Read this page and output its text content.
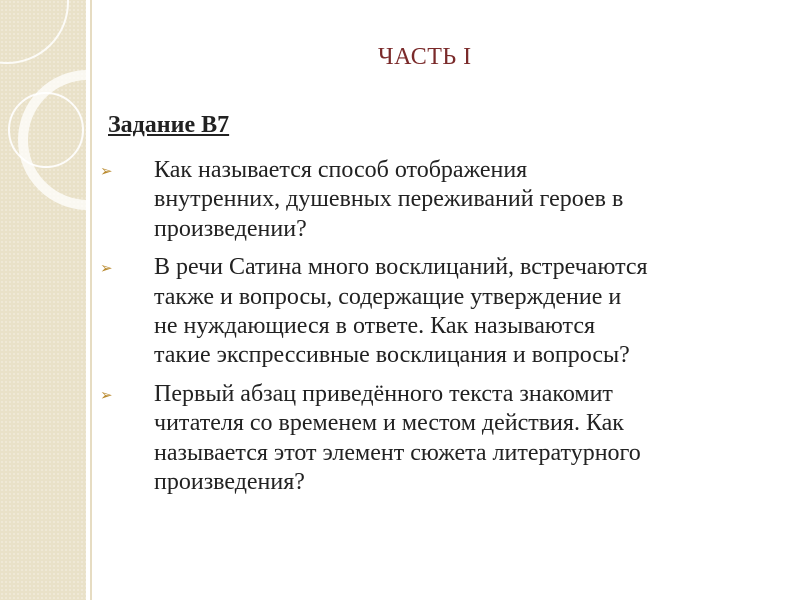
ЧАСТЬ I
Задание В7
➢	Как называется способ отображения
внутренних, душевных переживаний героев в
произведении?
➢	В речи Сатина много восклицаний, встречаются
также и вопросы, содержащие утверждение и
не нуждающиеся в ответе. Как называются
такие экспрессивные восклицания и вопросы?
➢	Первый абзац приведённого текста знакомит
читателя со временем и местом действия. Как
называется этот элемент сюжета литературного
произведения?
